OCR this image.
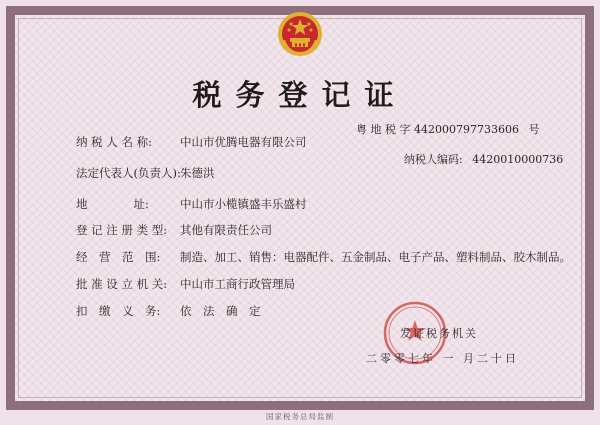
税务登记证
粤 地 税 字 442000797733606 号
纳税人编码: 4420010000736
纳 税 人 名 称:	中山市优腾电器有限公司
法定代表人(负责人): 朱德洪
地　　　　址:	中山市小榄镇盛丰乐盛村
登 记 注 册 类 型:	其他有限责任公司
经　营　范　围:	制造、加工、销售：电器配件、五金制品、电子产品、塑料制品、胶木制品。
批 准 设 立 机 关:	中山市工商行政管理局
扣　缴　义　务:	依　法　确　定
发证税务机关
二零零七年 一 月二十日
国家税务总局监制
